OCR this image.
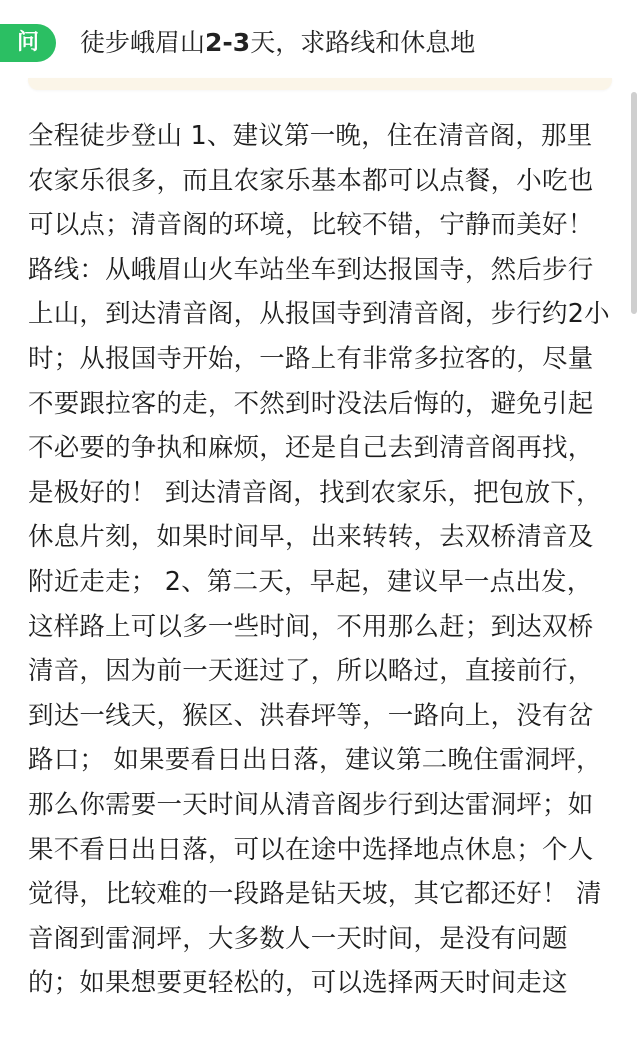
问	徒步峨眉山2-3天，求路线和休息地
全程徒步登山 1、建议第一晚，住在清音阁，那里农家乐很多，而且农家乐基本都可以点餐，小吃也可以点；清音阁的环境，比较不错，宁静而美好！ 路线：从峨眉山火车站坐车到达报国寺，然后步行上山，到达清音阁，从报国寺到清音阁，步行约2小时；从报国寺开始，一路上有非常多拉客的，尽量不要跟拉客的走，不然到时没法后悔的，避免引起不必要的争执和麻烦，还是自己去到清音阁再找，是极好的！ 到达清音阁，找到农家乐，把包放下，休息片刻，如果时间早，出来转转，去双桥清音及附近走走； 2、第二天，早起，建议早一点出发，这样路上可以多一些时间，不用那么赶；到达双桥清音，因为前一天逛过了，所以略过，直接前行，到达一线天，猴区、洪春坪等，一路向上，没有岔路口； 如果要看日出日落，建议第二晚住雷洞坪，那么你需要一天时间从清音阁步行到达雷洞坪；如果不看日出日落，可以在途中选择地点休息；个人觉得，比较难的一段路是钻天坡，其它都还好！ 清音阁到雷洞坪，大多数人一天时间，是没有问题的；如果想要更轻松的，可以选择两天时间走这
